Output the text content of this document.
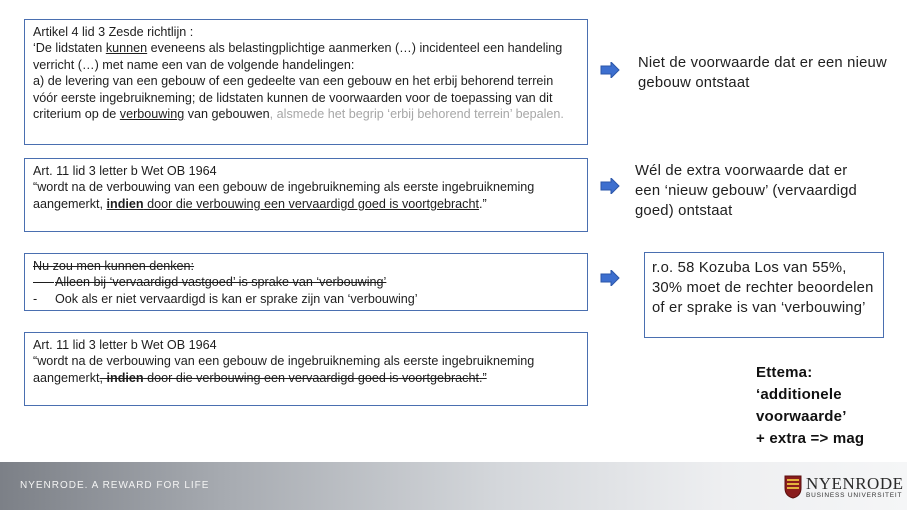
Artikel 4 lid 3 Zesde richtlijn :

‘De lidstaten kunnen eveneens als belastingplichtige aanmerken (…) incidenteel een handeling verricht (…) met name een van de volgende handelingen:

a) de levering van een gebouw of een gedeelte van een gebouw en het erbij behorend terrein vóór eerste ingebruikneming; de lidstaten kunnen de voorwaarden voor de toepassing van dit criterium op de verbouwing van gebouwen, alsmede het begrip ‘erbij behorend terrein’ bepalen.

Art. 11 lid 3 letter b Wet OB 1964

“wordt na de verbouwing van een gebouw de ingebruikneming als eerste ingebruikneming aangemerkt, indien door die verbouwing een vervaardigd goed is voortgebracht.”

Nu zou men kunnen denken:

​ Alleen bij ‘vervaardigd vastgoed’ is sprake van ‘verbouwing’
-	Ook als er niet vervaardigd is kan er sprake zijn van ‘verbouwing’

Art. 11 lid 3 letter b Wet OB 1964

“wordt na de verbouwing van een gebouw de ingebruikneming als eerste ingebruikneming aangemerkt, indien door die verbouwing een vervaardigd goed is voortgebracht.”

Niet de voorwaarde dat er een nieuw gebouw ontstaat
Wél de extra voorwaarde dat er een ‘nieuw gebouw’ (vervaardigd goed) ontstaat
r.o. 58 Kozuba Los van 55%, 30% moet de rechter beoordelen of er sprake is van ‘verbouwing’
Ettema:
‘additionele voorwaarde’
+ extra => mag
NYENRODE. A REWARD FOR LIFE	NYENRODE
BUSINESS UNIVERSITEIT
